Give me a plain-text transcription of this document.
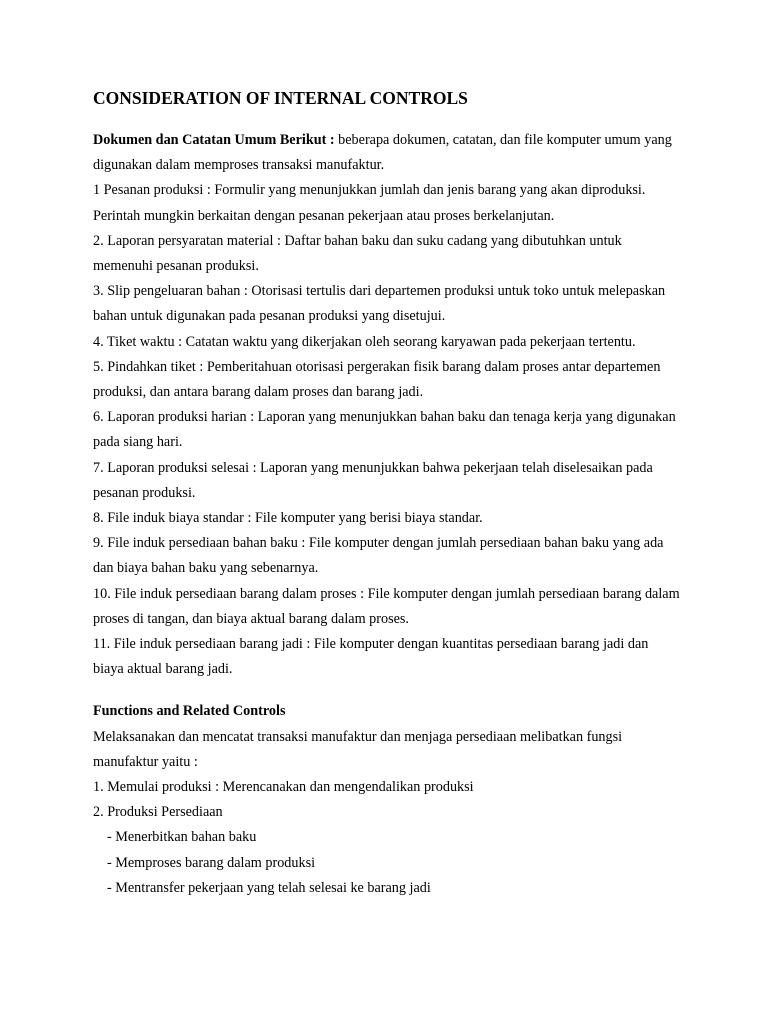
CONSIDERATION OF INTERNAL CONTROLS

Dokumen dan Catatan Umum Berikut : beberapa dokumen, catatan, dan file komputer umum yang digunakan dalam memproses transaksi manufaktur.

1 Pesanan produksi : Formulir yang menunjukkan jumlah dan jenis barang yang akan diproduksi. Perintah mungkin berkaitan dengan pesanan pekerjaan atau proses berkelanjutan.

2. Laporan persyaratan material : Daftar bahan baku dan suku cadang yang dibutuhkan untuk memenuhi pesanan produksi.

3. Slip pengeluaran bahan : Otorisasi tertulis dari departemen produksi untuk toko untuk melepaskan bahan untuk digunakan pada pesanan produksi yang disetujui.

4. Tiket waktu : Catatan waktu yang dikerjakan oleh seorang karyawan pada pekerjaan tertentu.

5. Pindahkan tiket : Pemberitahuan otorisasi pergerakan fisik barang dalam proses antar departemen produksi, dan antara barang dalam proses dan barang jadi.

6. Laporan produksi harian : Laporan yang menunjukkan bahan baku dan tenaga kerja yang digunakan pada siang hari.

7. Laporan produksi selesai : Laporan yang menunjukkan bahwa pekerjaan telah diselesaikan pada pesanan produksi.

8. File induk biaya standar : File komputer yang berisi biaya standar.

9. File induk persediaan bahan baku : File komputer dengan jumlah persediaan bahan baku yang ada dan biaya bahan baku yang sebenarnya.

10. File induk persediaan barang dalam proses : File komputer dengan jumlah persediaan barang dalam proses di tangan, dan biaya aktual barang dalam proses.

11. File induk persediaan barang jadi : File komputer dengan kuantitas persediaan barang jadi dan biaya aktual barang jadi.

Functions and Related Controls

Melaksanakan dan mencatat transaksi manufaktur dan menjaga persediaan melibatkan fungsi manufaktur yaitu :

1. Memulai produksi : Merencanakan dan mengendalikan produksi

2. Produksi Persediaan

- Menerbitkan bahan baku

- Memproses barang dalam produksi

- Mentransfer pekerjaan yang telah selesai ke barang jadi
